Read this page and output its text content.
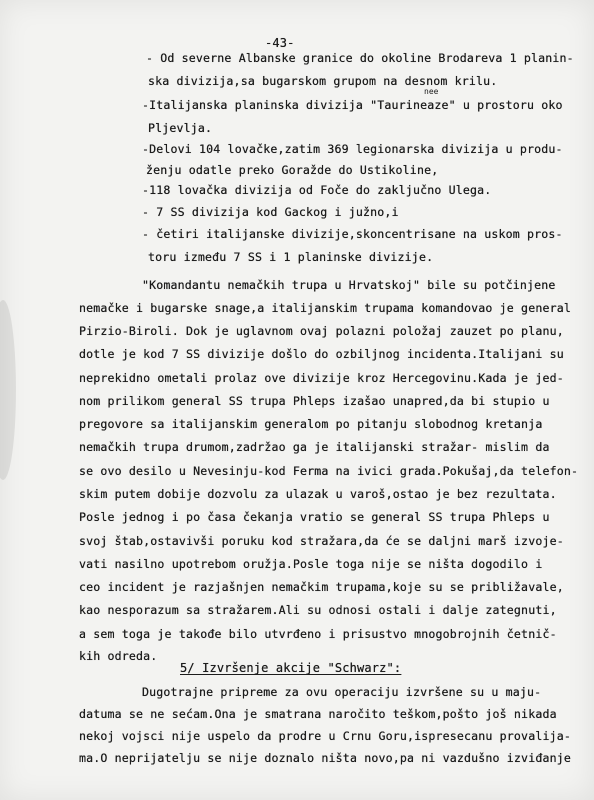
-43-
- Od severne Albanske granice do okoline Brodareva 1 planin-
ska divizija,sa bugarskom grupom na desnom krilu.
nee
-Italijanska planinska divizija "Taurineaze" u prostoru oko
Pljevlja.
-Delovi 104 lovačke,zatim 369 legionarska divizija u produ-
ženju odatle preko Goražde do Ustikoline,
-118 lovačka divizija od Foče do zaključno Ulega.
- 7 SS divizija kod Gackog i južno,i
- četiri italijanske divizije,skoncentrisane na uskom pros-
toru između 7 SS i 1 planinske divizije.
"Komandantu nemačkih trupa u Hrvatskoj" bile su potčinjene
nemačke i bugarske snage,a italijanskim trupama komandovao je general
Pirzio-Biroli. Dok je uglavnom ovaj polazni položaj zauzet po planu,
dotle je kod 7 SS divizije došlo do ozbiljnog incidenta.Italijani su
neprekidno ometali prolaz ove divizije kroz Hercegovinu.Kada je jed-
nom prilikom general SS trupa Phleps izašao unapred,da bi stupio u
pregovore sa italijanskim generalom po pitanju slobodnog kretanja
nemačkih trupa drumom,zadržao ga je italijanski stražar- mislim da
se ovo desilo u Nevesinju-kod Ferma na ivici grada.Pokušaj,da telefon-
skim putem dobije dozvolu za ulazak u varoš,ostao je bez rezultata.
Posle jednog i po časa čekanja vratio se general SS trupa Phleps u
svoj štab,ostavivši poruku kod stražara,da će se daljni marš izvoje-
vati nasilno upotrebom oružja.Posle toga nije se ništa dogodilo i
ceo incident je razjašnjen nemačkim trupama,koje su se približavale,
kao nesporazum sa stražarem.Ali su odnosi ostali i dalje zategnuti,
a sem toga je takođe bilo utvrđeno i prisustvo mnogobrojnih četnič-
kih odreda.
5/ Izvršenje akcije "Schwarz":
Dugotrajne pripreme za ovu operaciju izvršene su u maju-
datuma se ne sećam.Ona je smatrana naročito teškom,pošto još nikada
nekoj vojsci nije uspelo da prodre u Crnu Goru,ispresecanu provalija-
ma.O neprijatelju se nije doznalo ništa novo,pa ni vazdušno izviđanje
